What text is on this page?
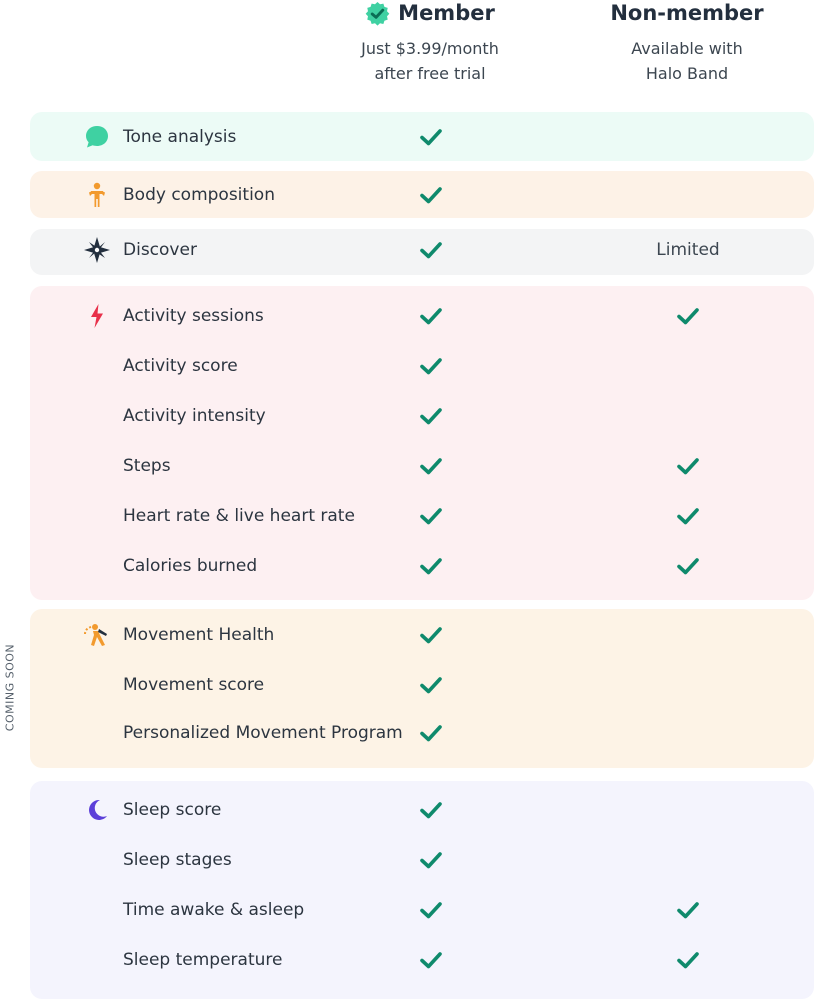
Member
Just $3.99/month
after free trial
Non-member
Available with
Halo Band
COMING SOON
Tone analysis
Body composition
Discover	Limited
Activity sessions
Activity score
Activity intensity
Steps
Heart rate & live heart rate
Calories burned
Movement Health
Movement score
Personalized Movement Program
Sleep score
Sleep stages
Time awake & asleep
Sleep temperature
